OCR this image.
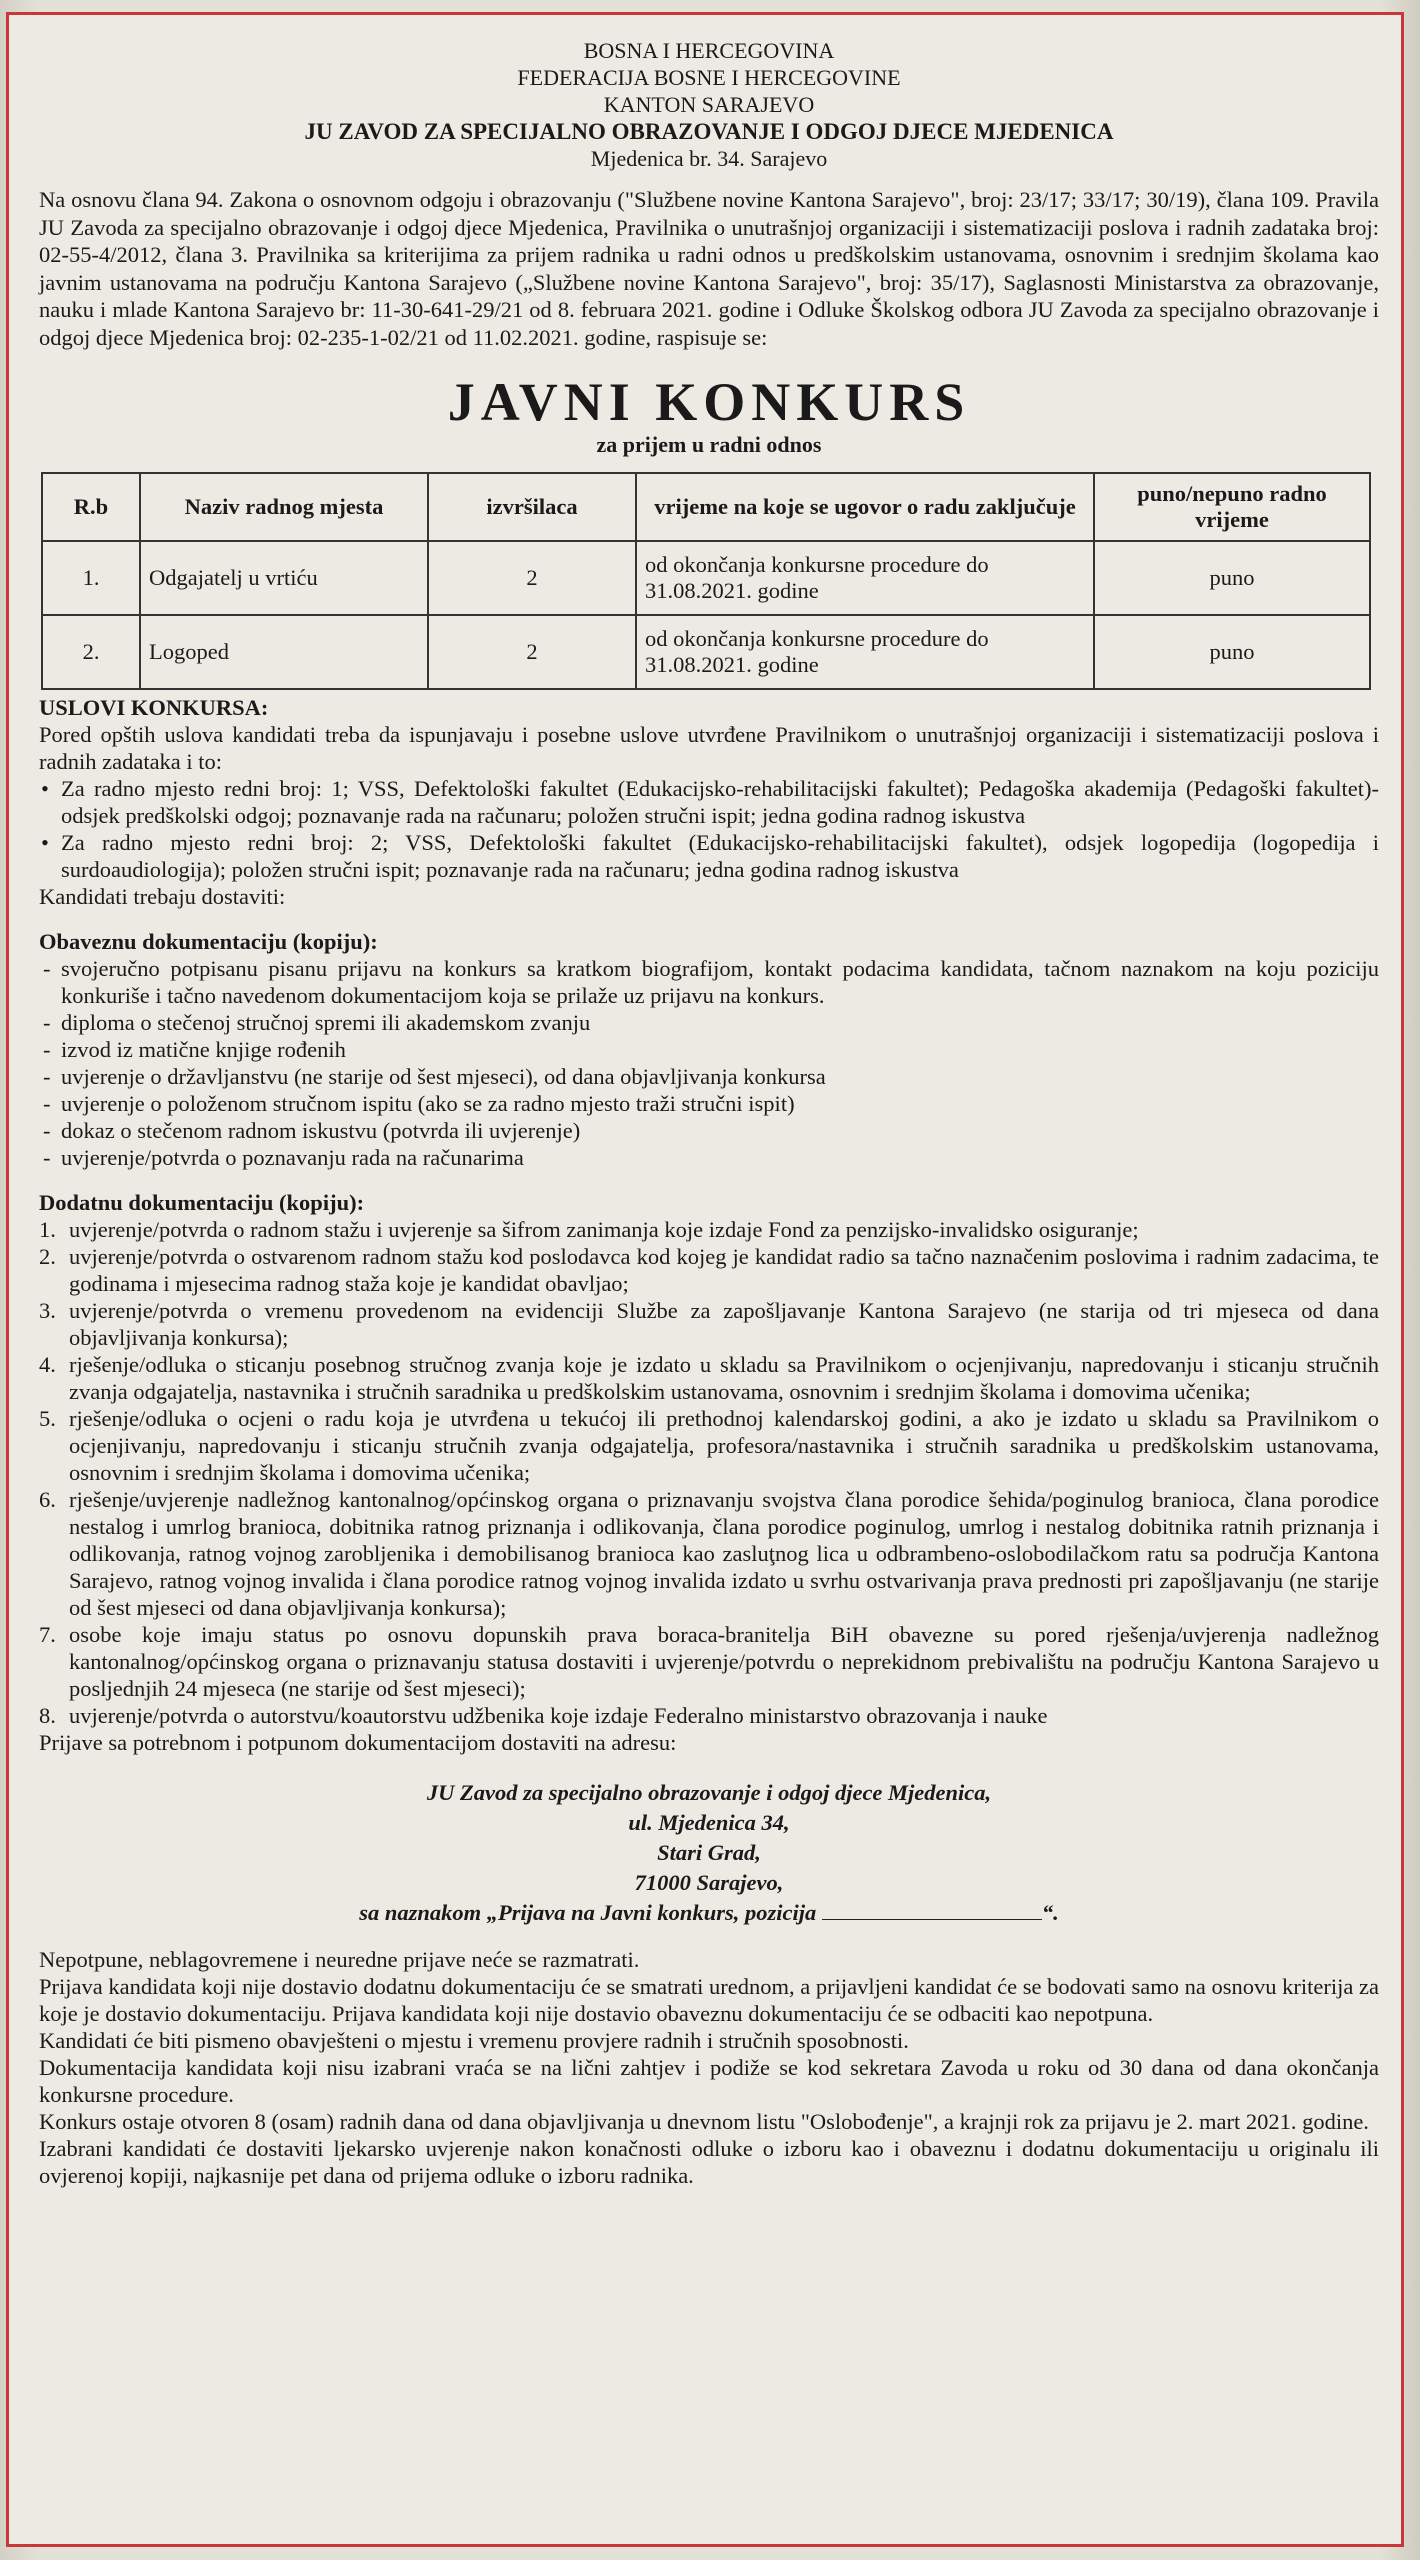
BOSNA I HERCEGOVINA
FEDERACIJA BOSNE I HERCEGOVINE
KANTON SARAJEVO
JU ZAVOD ZA SPECIJALNO OBRAZOVANJE I ODGOJ DJECE MJEDENICA
Mjedenica br. 34. Sarajevo

Na osnovu člana 94. Zakona o osnovnom odgoju i obrazovanju ("Službene novine Kantona Sarajevo", broj: 23/17; 33/17; 30/19), člana 109. Pravila JU Zavoda za specijalno obrazovanje i odgoj djece Mjedenica, Pravilnika o unutrašnjoj organizaciji i sistematizaciji poslova i radnih zadataka broj: 02-55-4/2012, člana 3. Pravilnika sa kriterijima za prijem radnika u radni odnos u predškolskim ustanovama, osnovnim i srednjim školama kao javnim ustanovama na području Kantona Sarajevo („Službene novine Kantona Sarajevo", broj: 35/17), Saglasnosti Ministarstva za obrazovanje, nauku i mlade Kantona Sarajevo br: 11-30-641-29/21 od 8. februara 2021. godine i Odluke Školskog odbora JU Zavoda za specijalno obrazovanje i odgoj djece Mjedenica broj: 02-235-1-02/21 od 11.02.2021. godine, raspisuje se:

JAVNI KONKURS
za prijem u radni odnos
R.b	Naziv radnog mjesta	izvršilaca	vrijeme na koje se ugovor o radu zaključuje	puno/nepuno radno vrijeme
1.	Odgajatelj u vrtiću	2	od okončanja konkursne procedure do 31.08.2021. godine	puno
2.	Logoped	2	od okončanja konkursne procedure do 31.08.2021. godine	puno
USLOVI KONKURSA:

Pored opštih uslova kandidati treba da ispunjavaju i posebne uslove utvrđene Pravilnikom o unutrašnjoj organizaciji i sistematizaciji poslova i radnih zadataka i to:

• Za radno mjesto redni broj: 1; VSS, Defektološki fakultet (Edukacijsko-rehabilitacijski fakultet); Pedagoška akademija (Pedagoški fakultet)-odsjek predškolski odgoj; poznavanje rada na računaru; položen stručni ispit; jedna godina radnog iskustva
• Za radno mjesto redni broj: 2; VSS, Defektološki fakultet (Edukacijsko-rehabilitacijski fakultet), odsjek logopedija (logopedija i surdoaudiologija); položen stručni ispit; poznavanje rada na računaru; jedna godina radnog iskustva

Kandidati trebaju dostaviti:

Obaveznu dokumentaciju (kopiju):
- svojeručno potpisanu pisanu prijavu na konkurs sa kratkom biografijom, kontakt podacima kandidata, tačnom naznakom na koju poziciju konkuriše i tačno navedenom dokumentacijom koja se prilaže uz prijavu na konkurs.
- diploma o stečenoj stručnoj spremi ili akademskom zvanju
- izvod iz matične knjige rođenih
- uvjerenje o državljanstvu (ne starije od šest mjeseci), od dana objavljivanja konkursa
- uvjerenje o položenom stručnom ispitu (ako se za radno mjesto traži stručni ispit)
- dokaz o stečenom radnom iskustvu (potvrda ili uvjerenje)
- uvjerenje/potvrda o poznavanju rada na računarima
Dodatnu dokumentaciju (kopiju):
1. uvjerenje/potvrda o radnom stažu i uvjerenje sa šifrom zanimanja koje izdaje Fond za penzijsko-invalidsko osiguranje;
2. uvjerenje/potvrda o ostvarenom radnom stažu kod poslodavca kod kojeg je kandidat radio sa tačno naznačenim poslovima i radnim zadacima, te godinama i mjesecima radnog staža koje je kandidat obavljao;
3. uvjerenje/potvrda o vremenu provedenom na evidenciji Službe za zapošljavanje Kantona Sarajevo (ne starija od tri mjeseca od dana objavljivanja konkursa);
4. rješenje/odluka o sticanju posebnog stručnog zvanja koje je izdato u skladu sa Pravilnikom o ocjenjivanju, napredovanju i sticanju stručnih zvanja odgajatelja, nastavnika i stručnih saradnika u predškolskim ustanovama, osnovnim i srednjim školama i domovima učenika;
5. rješenje/odluka o ocjeni o radu koja je utvrđena u tekućoj ili prethodnoj kalendarskoj godini, a ako je izdato u skladu sa Pravilnikom o ocjenjivanju, napredovanju i sticanju stručnih zvanja odgajatelja, profesora/nastavnika i stručnih saradnika u predškolskim ustanovama, osnovnim i srednjim školama i domovima učenika;
6. rješenje/uvjerenje nadležnog kantonalnog/općinskog organa o priznavanju svojstva člana porodice šehida/poginulog branioca, člana porodice nestalog i umrlog branioca, dobitnika ratnog priznanja i odlikovanja, člana porodice poginulog, umrlog i nestalog dobitnika ratnih priznanja i odlikovanja, ratnog vojnog zarobljenika i demobilisanog branioca kao zasluţnog lica u odbrambeno-oslobodilačkom ratu sa područja Kantona Sarajevo, ratnog vojnog invalida i člana porodice ratnog vojnog invalida izdato u svrhu ostvarivanja prava prednosti pri zapošljavanju (ne starije od šest mjeseci od dana objavljivanja konkursa);
7. osobe koje imaju status po osnovu dopunskih prava boraca-branitelja BiH obavezne su pored rješenja/uvjerenja nadležnog kantonalnog/općinskog organa o priznavanju statusa dostaviti i uvjerenje/potvrdu o neprekidnom prebivalištu na području Kantona Sarajevo u posljednjih 24 mjeseca (ne starije od šest mjeseci);
8. uvjerenje/potvrda o autorstvu/koautorstvu udžbenika koje izdaje Federalno ministarstvo obrazovanja i nauke

Prijave sa potrebnom i potpunom dokumentacijom dostaviti na adresu:

JU Zavod za specijalno obrazovanje i odgoj djece Mjedenica,
ul. Mjedenica 34,
Stari Grad,
71000 Sarajevo,
sa naznakom „Prijava na Javni konkurs, pozicija	“.

Nepotpune, neblagovremene i neuredne prijave neće se razmatrati.

Prijava kandidata koji nije dostavio dodatnu dokumentaciju će se smatrati urednom, a prijavljeni kandidat će se bodovati samo na osnovu kriterija za koje je dostavio dokumentaciju. Prijava kandidata koji nije dostavio obaveznu dokumentaciju će se odbaciti kao nepotpuna.

Kandidati će biti pismeno obavješteni o mjestu i vremenu provjere radnih i stručnih sposobnosti.

Dokumentacija kandidata koji nisu izabrani vraća se na lični zahtjev i podiže se kod sekretara Zavoda u roku od 30 dana od dana okončanja konkursne procedure.

Konkurs ostaje otvoren 8 (osam) radnih dana od dana objavljivanja u dnevnom listu "Oslobođenje", a krajnji rok za prijavu je 2. mart 2021. godine.

Izabrani kandidati će dostaviti ljekarsko uvjerenje nakon konačnosti odluke o izboru kao i obaveznu i dodatnu dokumentaciju u originalu ili ovjerenoj kopiji, najkasnije pet dana od prijema odluke o izboru radnika.
